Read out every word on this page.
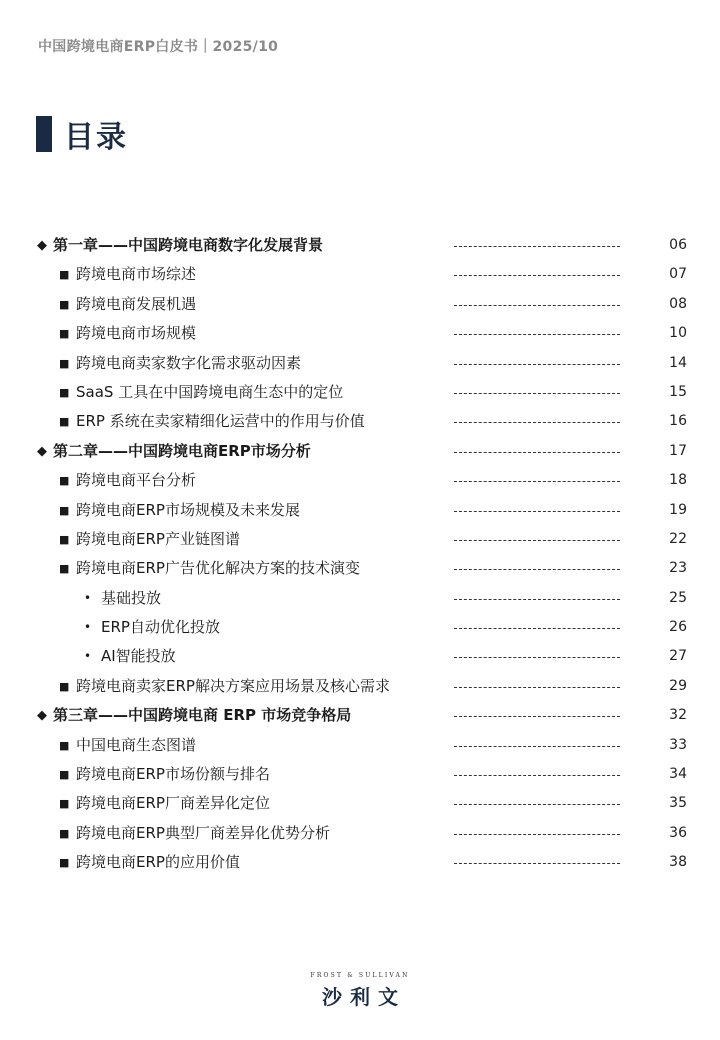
中国跨境电商ERP白皮书｜2025/10
目录
◆ 第一章——中国跨境电商数字化发展背景	06
■ 跨境电商市场综述	07
■ 跨境电商发展机遇	08
■ 跨境电商市场规模	10
■ 跨境电商卖家数字化需求驱动因素	14
■ SaaS 工具在中国跨境电商生态中的定位	15
■ ERP 系统在卖家精细化运营中的作用与价值	16
◆ 第二章——中国跨境电商ERP市场分析	17
■ 跨境电商平台分析	18
■ 跨境电商ERP市场规模及未来发展	19
■ 跨境电商ERP产业链图谱	22
■ 跨境电商ERP广告优化解决方案的技术演变	23
• 基础投放	25
• ERP自动优化投放	26
• AI智能投放	27
■ 跨境电商卖家ERP解决方案应用场景及核心需求	29
◆ 第三章——中国跨境电商 ERP 市场竞争格局	32
■ 中国电商生态图谱	33
■ 跨境电商ERP市场份额与排名	34
■ 跨境电商ERP厂商差异化定位	35
■ 跨境电商ERP典型厂商差异化优势分析	36
■ 跨境电商ERP的应用价值	38
FROST & SULLIVAN
沙利文
